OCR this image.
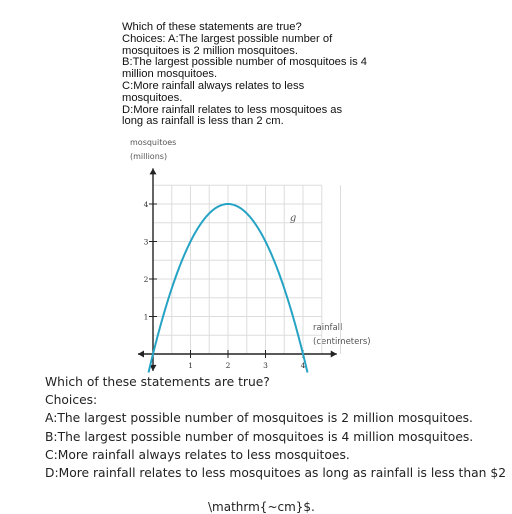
Which of these statements are true?
Choices: A:The largest possible number of
mosquitoes is 2 million mosquitoes.
B:The largest possible number of mosquitoes is 4
million mosquitoes.
C:More rainfall always relates to less
mosquitoes.
D:More rainfall relates to less mosquitoes as
long as rainfall is less than 2 cm.
mosquitoes
(millions)
rainfall
(centimeters)
1	2	3	4
1
2
3
4
g
Which of these statements are true?
Choices:
A:The largest possible number of mosquitoes is 2 million mosquitoes.
B:The largest possible number of mosquitoes is 4 million mosquitoes.
C:More rainfall always relates to less mosquitoes.
D:More rainfall relates to less mosquitoes as long as rainfall is less than $2
\mathrm{~cm}$.
